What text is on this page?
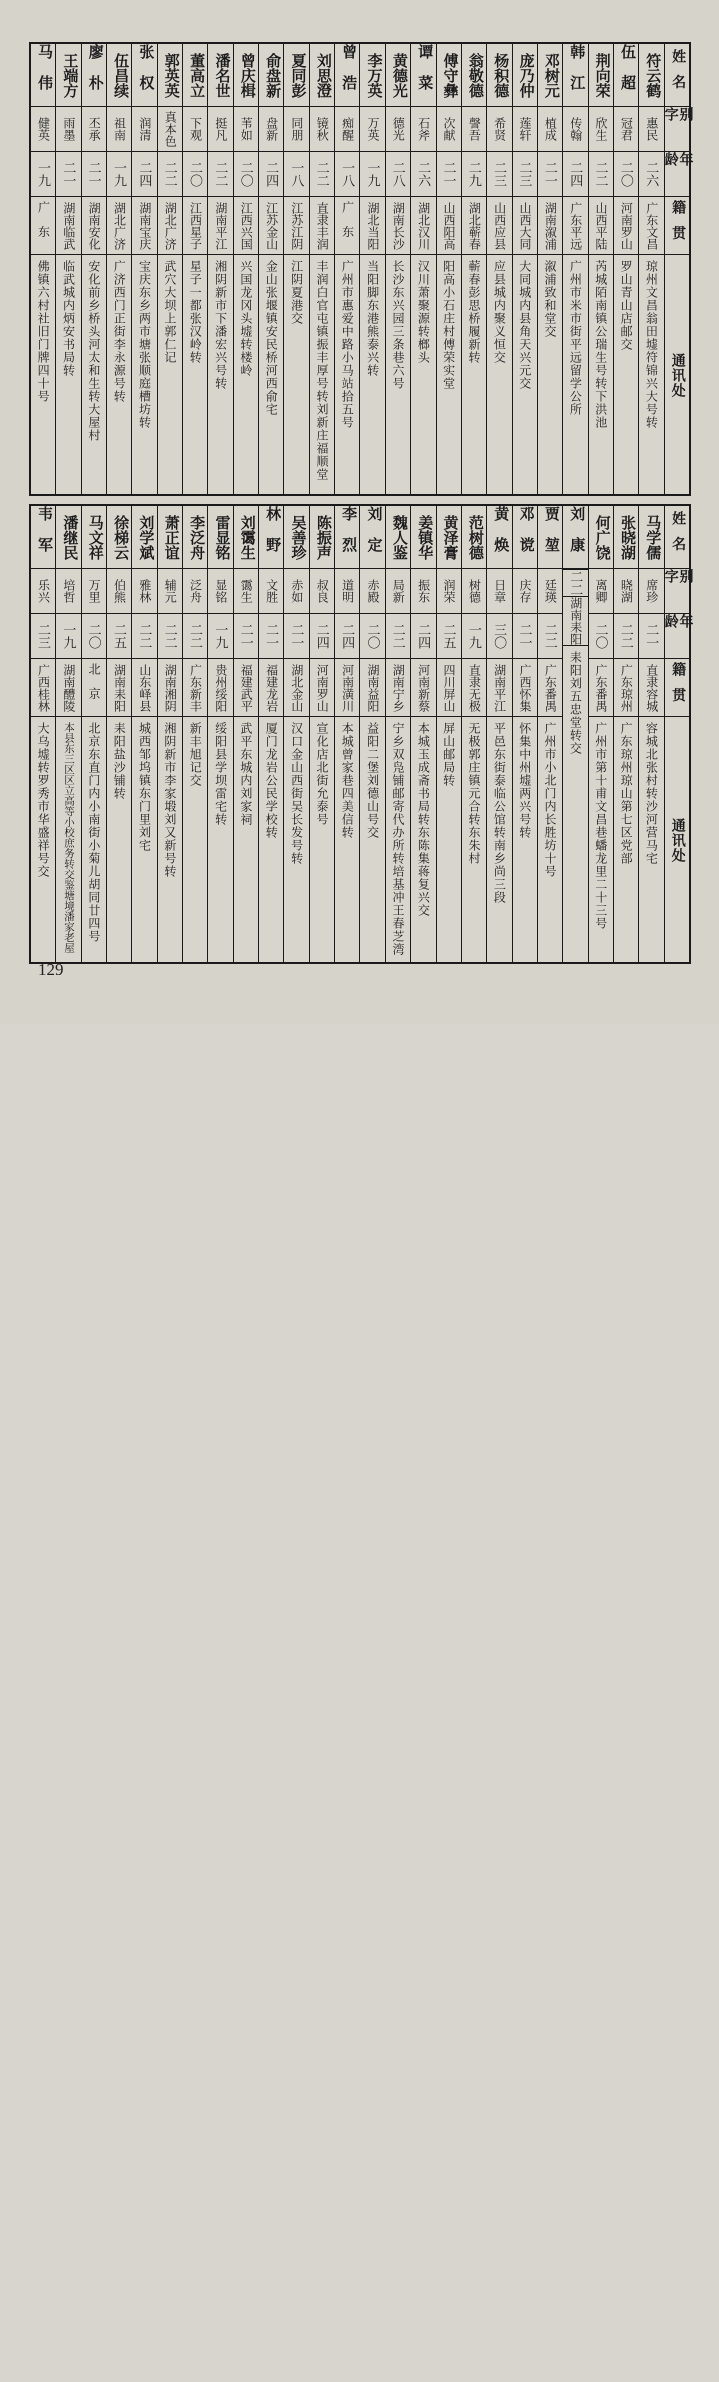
马伟
健英
一九
广东
佛镇六村社旧门牌四十号
王端方
雨墨
二一
湖南临武
临武城内炳安书局转
廖朴
丕承
二一
湖南安化
安化前乡桥头河太和生转大屋村
伍昌续
祖南
一九
湖北广济
广济西门正街李永源号转
张权
润清
二四
湖南宝庆
宝庆东乡两市塘张顺庭槽坊转
郭英英
真本色
二二
湖北广济
武穴大坝上郭仁记
董高立
下观
二〇
江西星子
星子一都张汉岭转
潘名世
挺凡
二二
湖南平江
湘阴新市下潘宏兴号转
曾庆楫
苇如
二〇
江西兴国
兴国龙冈头墟转楼岭
俞盘新
盘新
二四
江苏金山
金山张堰镇安民桥河西俞宅
夏同彭
同朋
一八
江苏江阴
江阴夏港交
刘思澄
镜秋
二二
直隶丰润
丰润白官屯镇振丰厚号转刘新庄福顺堂
曾浩
痴醒
一八
广东
广州市惠爱中路小马站拾五号
李万英
万英
一九
湖北当阳
当阳脚东港熊泰兴转
黄德光
德光
二八
湖南长沙
长沙东兴园三条巷六号
谭菜
石斧
二六
湖北汉川
汉川萧聚源转榔头
傅守彝
次献
二一
山西阳高
阳高小石庄村傅荣实堂
翁敬德
謦吾
二九
湖北蕲春
蕲春彭思桥履新转
杨积德
希贤
二三
山西应县
应县城内聚义恒交
庞乃仲
莲轩
二三
山西大同
大同城内县角天兴元交
邓树元
植成
二一
湖南溆浦
溆浦致和堂交
韩江
传翰
二四
广东平远
广州市米市街平远留学公所
荆向荣
欣生
二二
山西平陆
芮城陌南镇公瑞生号转下洪池
伍超
冠君
二〇
河南罗山
罗山青山店邮交
符云鹤
惠民
二六
广东文昌
琼州文昌翁田墟符锦兴大号转
姓名
别字
年龄
籍贯
通讯处
韦军
乐兴
二三
广西桂林
大乌墟转罗秀市华盛祥号交
潘继民
培哲
一九
湖南醴陵
本县东三区区立高等小校庶务转交鉴塘境潘家老屋
马文祥
万里
二〇
北京
北京东直门内小南街小菊儿胡同廿四号
徐梯云
伯熊
二五
湖南耒阳
耒阳盐沙铺转
刘学斌
雅林
二二
山东峄县
城西邹坞镇东门里刘宅
萧正谊
辅元
二二
湖南湘阴
湘阴新市李家塅刘又新号转
李泛舟
泛舟
二二
广东新丰
新丰旭记交
雷显铭
显铭
一九
贵州绥阳
绥阳县学坝雷宅转
刘霭生
霭生
二一
福建武平
武平东城内刘家祠
林野
文胜
二一
福建龙岩
厦门龙岩公民学校转
吴善珍
赤如
二一
湖北金山
汉口金山西街吴长发号转
陈振声
叔良
二四
河南罗山
宣化店北街允泰号
李烈
道明
二四
河南潢川
本城曾家巷四美信转
刘定
赤殿
二〇
湖南益阳
益阳二堡刘德山号交
魏人鉴
局新
二二
湖南宁乡
宁乡双凫铺邮寄代办所转培基冲王春芝湾
姜镇华
振东
二四
河南新蔡
本城玉成斋书局转东陈集蒋复兴交
黄泽膏
润荣
二五
四川屏山
屏山邮局转
范树德
树德
一九
直隶无极
无极郭庄镇元合转东朱村
黄焕
日章
三〇
湖南平江
平邑东街泰临公馆转南乡尚三段
邓谠
庆存
二一
广西怀集
怀集中州墟两兴号转
贾堃
廷瑛
二二
广东番禺
广州市小北门内长胜坊十号
刘康
二二
湖南耒阳
耒阳刘五忠堂转交
何广饶
离卿
二〇
广东番禺
广州市第十甫文昌巷蟠龙里二十三号
张晓湖
晓湖
二二
广东琼州
广东琼州琼山第七区党部
马学儒
席珍
二一
直隶容城
容城北张村转沙河营马宅
姓名
别字
年龄
籍贯
通讯处
129
